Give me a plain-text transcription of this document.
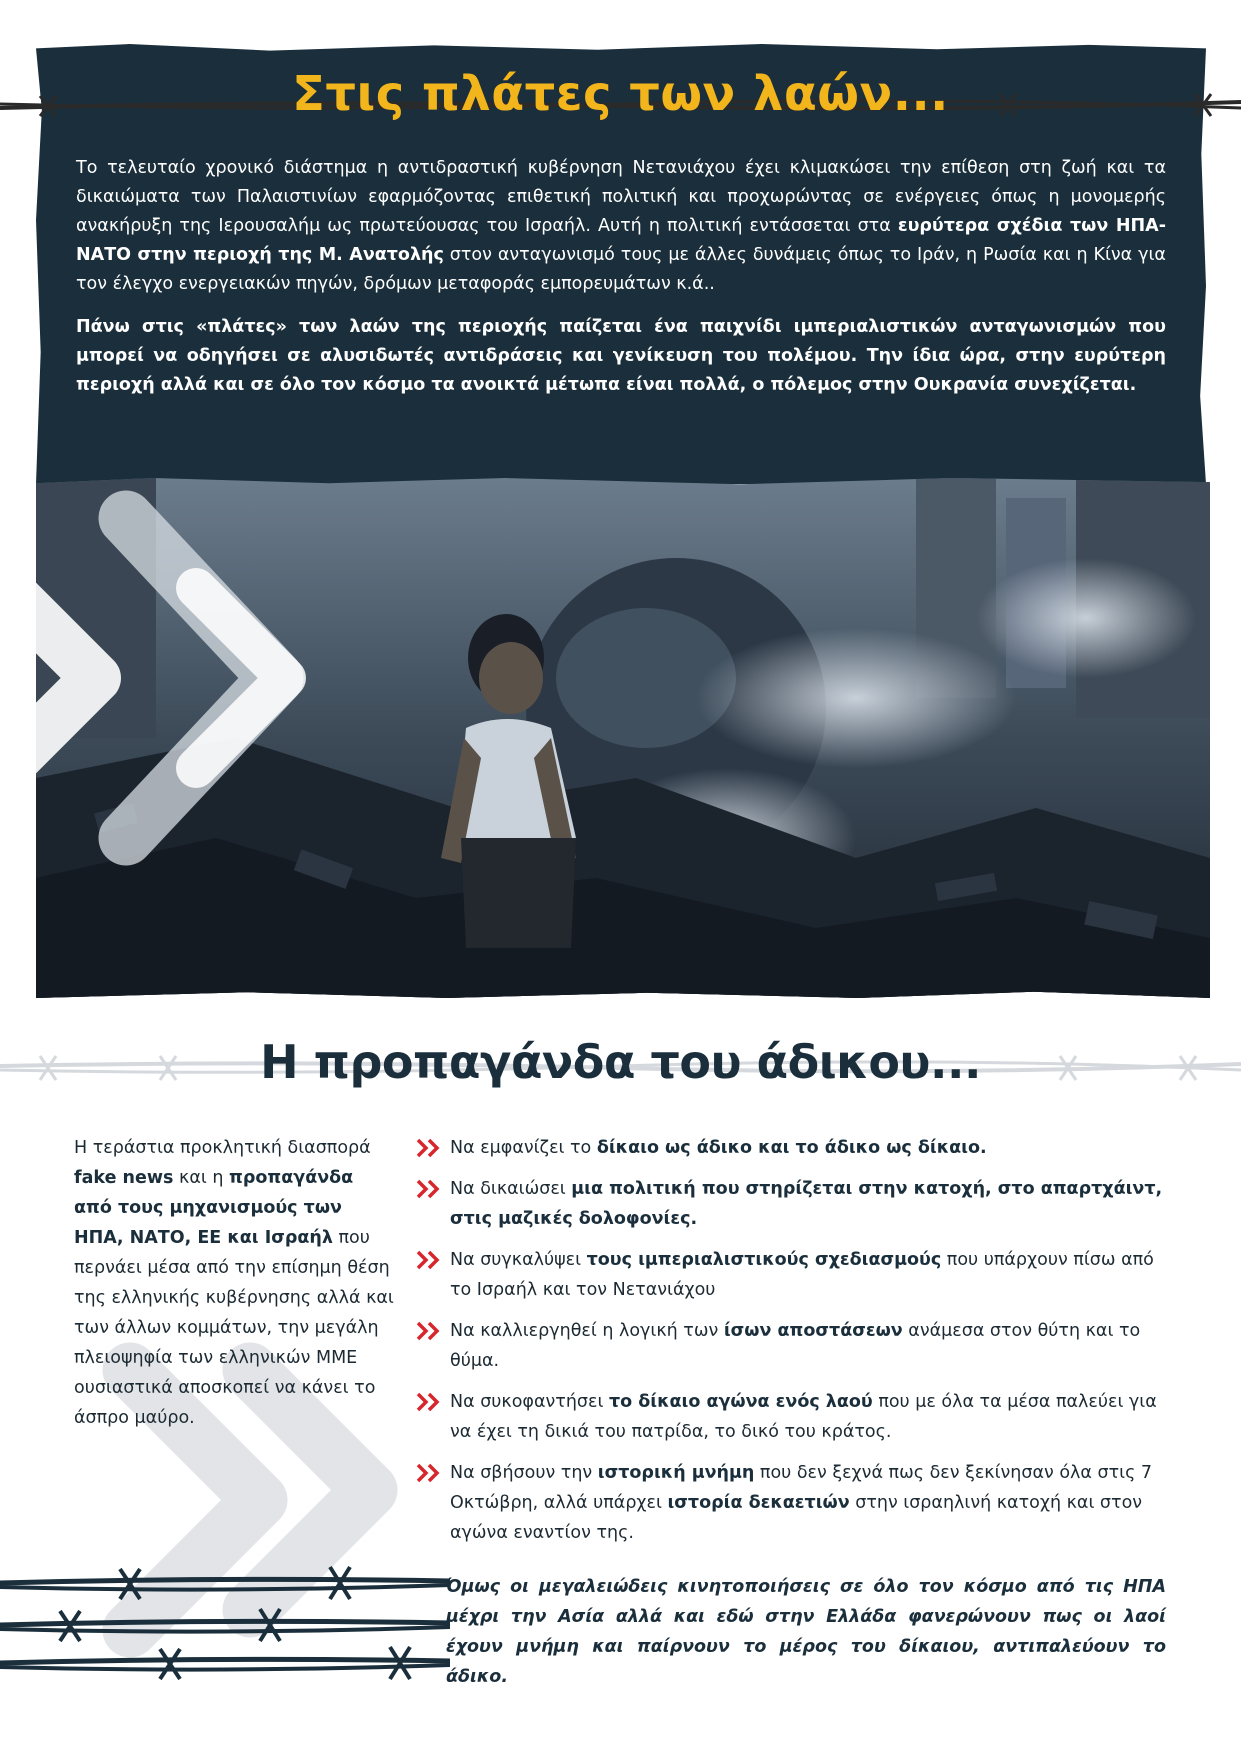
Στις πλάτες των λαών...

Το τελευταίο χρονικό διάστημα η αντιδραστική κυβέρνηση Νετανιάχου έχει κλιμακώσει την επίθεση στη ζωή και τα δικαιώματα των Παλαιστινίων εφαρμόζοντας επιθετική πολιτική και προχωρώντας σε ενέργειες όπως η μονομερής ανακήρυξη της Ιερουσαλήμ ως πρωτεύουσας του Ισραήλ. Αυτή η πολιτική εντάσσεται στα ευρύτερα σχέδια των ΗΠΑ- ΝΑΤΟ στην περιοχή της Μ. Ανατολής στον ανταγωνισμό τους με άλλες δυνάμεις όπως το Ιράν, η Ρωσία και η Κίνα για τον έλεγχο ενεργειακών πηγών, δρόμων μεταφοράς εμπορευμάτων κ.ά..

Πάνω στις «πλάτες» των λαών της περιοχής παίζεται ένα παιχνίδι ιμπεριαλιστικών ανταγωνισμών που μπορεί να οδηγήσει σε αλυσιδωτές αντιδράσεις και γενίκευση του πολέμου. Την ίδια ώρα, στην ευρύτερη περιοχή αλλά και σε όλο τον κόσμο τα ανοικτά μέτωπα είναι πολλά, ο πόλεμος στην Ουκρανία συνεχίζεται.

Η προπαγάνδα του άδικου...
Η τεράστια προκλητική διασπορά fake news και η προπαγάνδα από τους μηχανισμούς των ΗΠΑ, ΝΑΤΟ, ΕΕ και Ισραήλ που περνάει μέσα από την επίσημη θέση της ελληνικής κυβέρνησης αλλά και των άλλων κομμάτων, την μεγάλη πλειοψηφία των ελληνικών ΜΜΕ ουσιαστικά αποσκοπεί να κάνει το άσπρο μαύρο.
Να εμφανίζει το δίκαιο ως άδικο και το άδικο ως δίκαιο.
Να δικαιώσει μια πολιτική που στηρίζεται στην κατοχή, στο απαρτχάιντ, στις μαζικές δολοφονίες.
Να συγκαλύψει τους ιμπεριαλιστικούς σχεδιασμούς που υπάρχουν πίσω από το Ισραήλ και τον Νετανιάχου
Να καλλιεργηθεί η λογική των ίσων αποστάσεων ανάμεσα στον θύτη και το θύμα.
Να συκοφαντήσει το δίκαιο αγώνα ενός λαού που με όλα τα μέσα παλεύει για να έχει τη δικιά του πατρίδα, το δικό του κράτος.
Να σβήσουν την ιστορική μνήμη που δεν ξεχνά πως δεν ξεκίνησαν όλα στις 7 Οκτώβρη, αλλά υπάρχει ιστορία δεκαετιών στην ισραηλινή κατοχή και στον αγώνα εναντίον της.
Όμως οι μεγαλειώδεις κινητοποιήσεις σε όλο τον κόσμο από τις ΗΠΑ μέχρι την Ασία αλλά και εδώ στην Ελλάδα φανερώνουν πως οι λαοί έχουν μνήμη και παίρνουν το μέρος του δίκαιου, αντιπαλεύουν το άδικο.
